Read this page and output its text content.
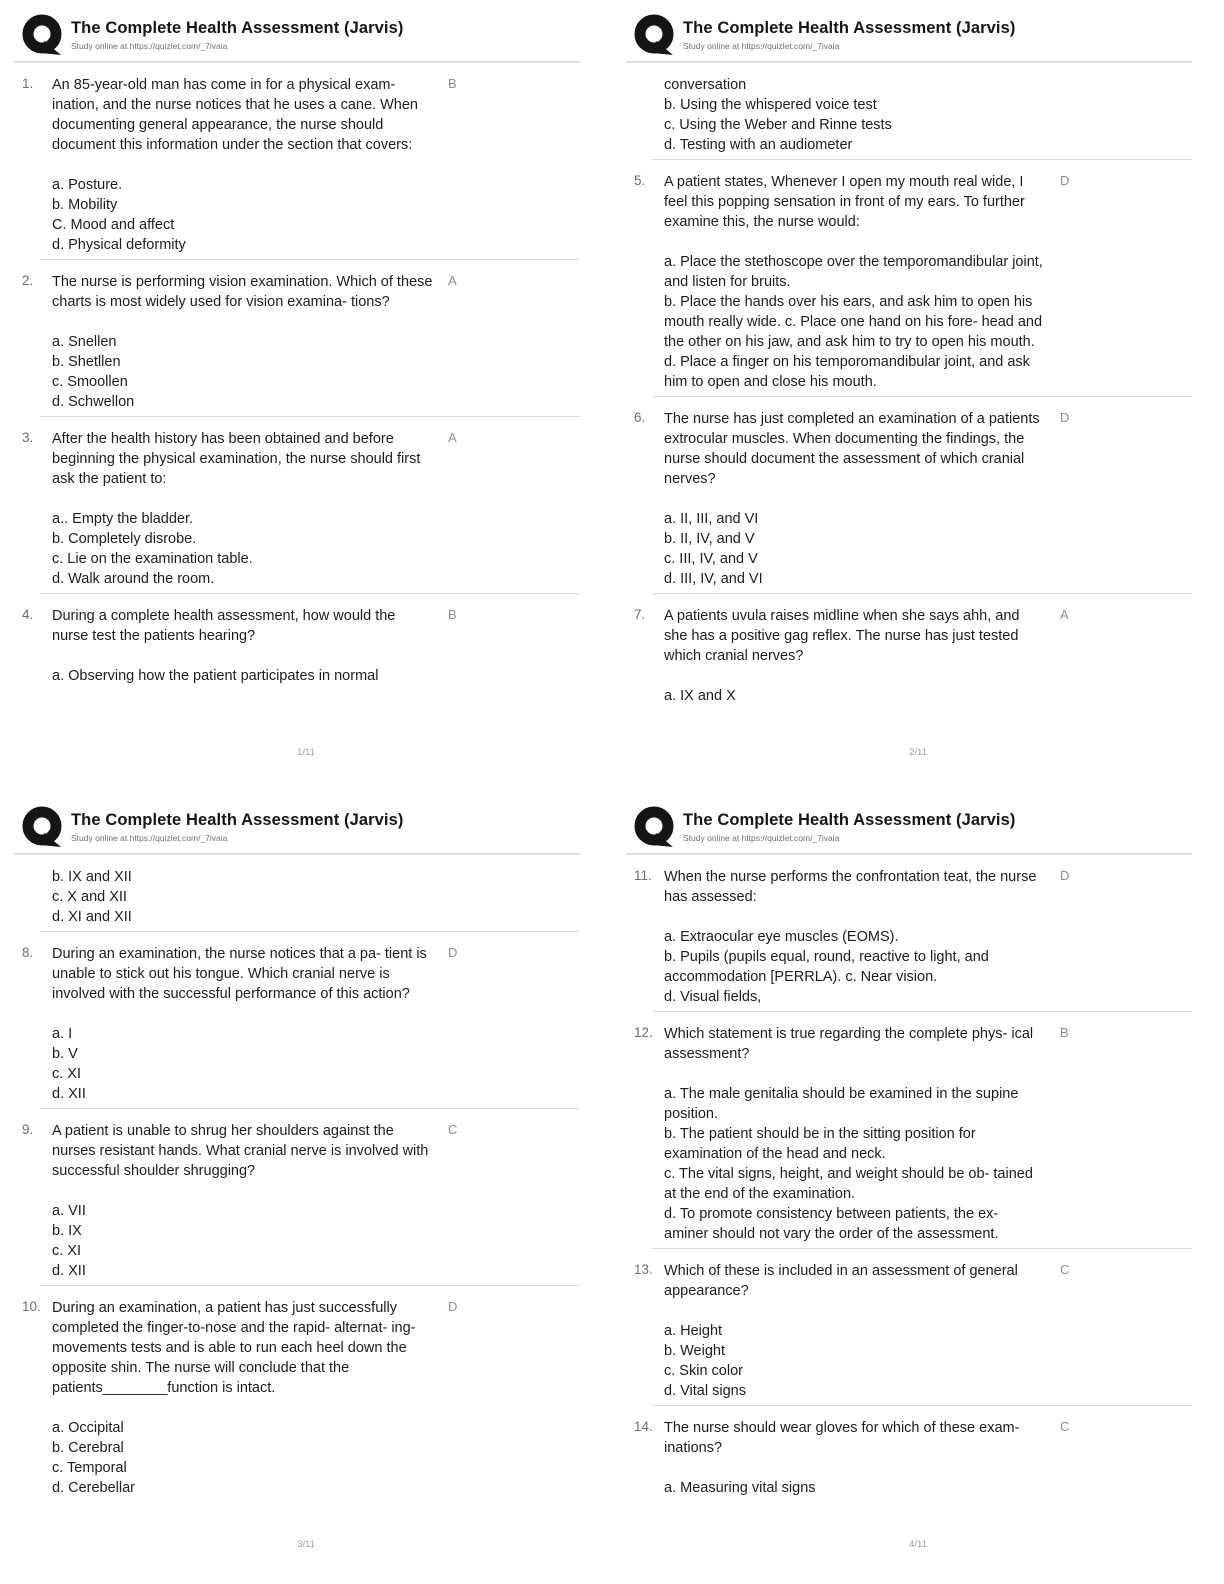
The Complete Health Assessment (Jarvis)
Study online at https://quizlet.com/_7ivaia
1.	An 85-year-old man has come in for a physical exam- ination, and the nurse notices that he uses a cane. When documenting general appearance, the nurse should document this information under the section that covers:
a. Posture.
b. Mobility
C. Mood and affect
d. Physical deformity
B
2.	The nurse is performing vision examination. Which of these charts is most widely used for vision examina- tions?
a. Snellen
b. Shetllen
c. Smoollen
d. Schwellon
A
3.	After the health history has been obtained and before beginning the physical examination, the nurse should first ask the patient to:
a.. Empty the bladder.
b. Completely disrobe.
c. Lie on the examination table.
d. Walk around the room.
A
4.	During a complete health assessment, how would the nurse test the patients hearing?
a. Observing how the patient participates in normal
B
1/11
The Complete Health Assessment (Jarvis)
Study online at https://quizlet.com/_7ivaia
conversation
b. Using the whispered voice test
c. Using the Weber and Rinne tests
d. Testing with an audiometer
5.	A patient states, Whenever I open my mouth real wide, I feel this popping sensation in front of my ears. To further examine this, the nurse would:
a. Place the stethoscope over the temporomandibular joint, and listen for bruits.
b. Place the hands over his ears, and ask him to open his mouth really wide. c. Place one hand on his fore- head and the other on his jaw, and ask him to try to open his mouth.
d. Place a finger on his temporomandibular joint, and ask him to open and close his mouth.
D
6.	The nurse has just completed an examination of a patients extrocular muscles. When documenting the findings, the nurse should document the assessment of which cranial nerves?
a. II, III, and VI
b. II, IV, and V
c. III, IV, and V
d. III, IV, and VI
D
7.	A patients uvula raises midline when she says ahh, and she has a positive gag reflex. The nurse has just tested which cranial nerves?
a. IX and X
A
2/11
The Complete Health Assessment (Jarvis)
Study online at https://quizlet.com/_7ivaia
b. IX and XII
c. X and XII
d. XI and XII
8.	During an examination, the nurse notices that a pa- tient is unable to stick out his tongue. Which cranial nerve is involved with the successful performance of this action?
a. I
b. V
c. XI
d. XII
D
9.	A patient is unable to shrug her shoulders against the nurses resistant hands. What cranial nerve is involved with successful shoulder shrugging?
a. VII
b. IX
c. XI
d. XII
C
10. During an examination, a patient has just successfully completed the finger-to-nose and the rapid- alternat- ing-movements tests and is able to run each heel down the opposite shin. The nurse will conclude that the patients________function is intact.
a. Occipital
b. Cerebral
c. Temporal
d. Cerebellar
D
3/11
The Complete Health Assessment (Jarvis)
Study online at https://quizlet.com/_7ivaia
11. When the nurse performs the confrontation teat, the nurse has assessed:
a. Extraocular eye muscles (EOMS).
b. Pupils (pupils equal, round, reactive to light, and accommodation [PERRLA). c. Near vision.
d. Visual fields,
D
12. Which statement is true regarding the complete phys- ical assessment?
a. The male genitalia should be examined in the supine position.
b. The patient should be in the sitting position for examination of the head and neck.
c. The vital signs, height, and weight should be ob- tained at the end of the examination.
d. To promote consistency between patients, the ex- aminer should not vary the order of the assessment.
B
13. Which of these is included in an assessment of general appearance?
a. Height
b. Weight
c. Skin color
d. Vital signs
C
14. The nurse should wear gloves for which of these exam- inations?
a. Measuring vital signs
C
4/11
